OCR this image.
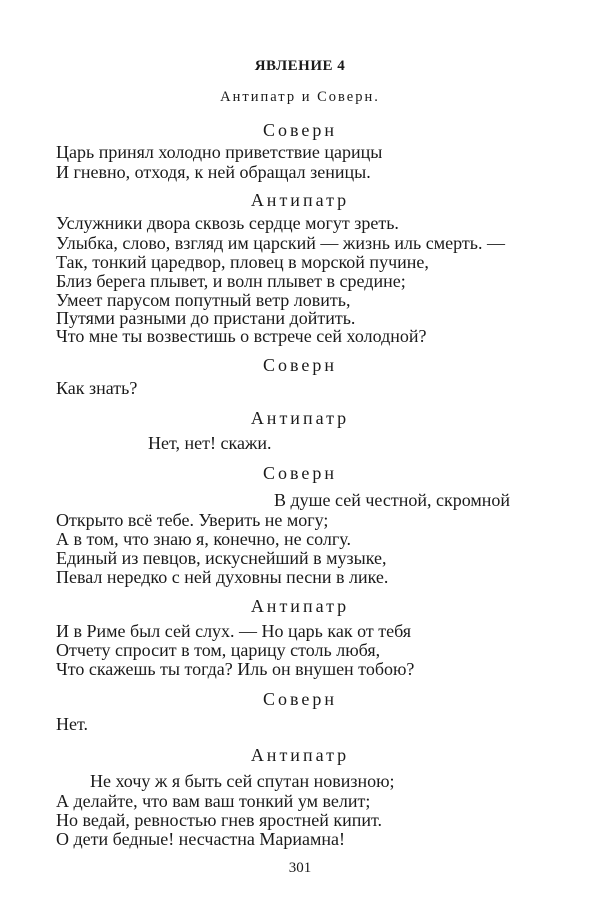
ЯВЛЕНИЕ 4
Антипатр и Соверн.
Соверн
Царь принял холодно приветствие царицы
И гневно, отходя, к ней обращал зеницы.
Антипатр
Услужники двора сквозь сердце могут зреть.
Улыбка, слово, взгляд им царский — жизнь иль смерть. —
Так, тонкий царедвор, пловец в морской пучине,
Близ берега плывет, и волн плывет в средине;
Умеет парусом попутный ветр ловить,
Путями разными до пристани дойтить.
Что мне ты возвестишь о встрече сей холодной?
Соверн
Как знать?
Антипатр
Нет, нет! скажи.
Соверн
В душе сей честной, скромной
Открыто всё тебе. Уверить не могу;
А в том, что знаю я, конечно, не солгу.
Единый из певцов, искуснейший в музыке,
Певал нередко с ней духовны песни в лике.
Антипатр
И в Риме был сей слух. — Но царь как от тебя
Отчету спросит в том, царицу столь любя,
Что скажешь ты тогда? Иль он внушен тобою?
Соверн
Нет.
Антипатр
Не хочу ж я быть сей спутан новизною;
А делайте, что вам ваш тонкий ум велит;
Но ведай, ревностью гнев яростней кипит.
О дети бедные! несчастна Мариамна!
301
